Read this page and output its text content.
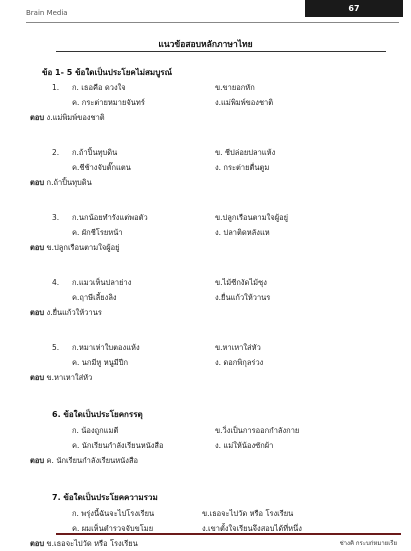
Brain Media	67
แนวข้อสอบหลักภาษาไทย
ข้อ 1- 5 ข้อใดเป็นประโยคไม่สมบูรณ์
1.	ก. เธอคือ ดวงใจ	ข.ขายอกหัก
ค. กระต่ายหมายจันทร์	ง.แม่พิมพ์ของชาติ
ตอบ ง.แม่พิมพ์ของชาติ
2.	ก.ถ้าปิ้นทุบดิน	ข. ชีปล่อยปลาแห้ง
ค.ชีช้างจับตั๊กแตน	ง. กระต่ายตื่นตูม
ตอบ ก.ถ้าปิ้นทุบดิน
3.	ก.นกน้อยทำรังแต่พอตัว	ข.ปลูกเรือนตามใจผู้อยู่
ค. ผักชีโรยหน้า	ง. ปลาติดหลังแห
ตอบ ข.ปลูกเรือนตามใจผู้อยู่
4.	ก.แมวเห็นปลาย่าง	ข.ไม้ซีกงัดไม้ซุง
ค.ฤาษีเลี้ยงลิง	ง.ยื่นแก้วให้วานร
ตอบ ง.ยื่นแก้วให้วานร
5.	ก.หมาเห่าใบตองแห้ง	ข.หาเหาใส่หัว
ค. นกมีหู หนูมีปีก	ง. ดอกพิกุลร่วง
ตอบ ข.หาเหาใส่หัว
6. ข้อใดเป็นประโยคกรรตุ
ก. น้องถูกแมตี	ข.วิ่งเป็นการออกกำลังกาย
ค. นักเรียนกำลังเรียนหนังสือ	ง. แม่ให้น้องซักผ้า
ตอบ ค. นักเรียนกำลังเรียนหนังสือ
7. ข้อใดเป็นประโยคความรวม
ก. พรุ่งนี้ฉันจะไปโรงเรียน	ข.เธอจะไปวัด หรือ โรงเรียน
ค. ผมเห็นตำรวจจับขโมย	ง.เขาตั้งใจเรียนจึงสอบได้ที่หนึ่ง
ตอบ ข.เธอจะไปวัด หรือ โรงเรียน	ช่างคิ กระบก่หมายเรีย
